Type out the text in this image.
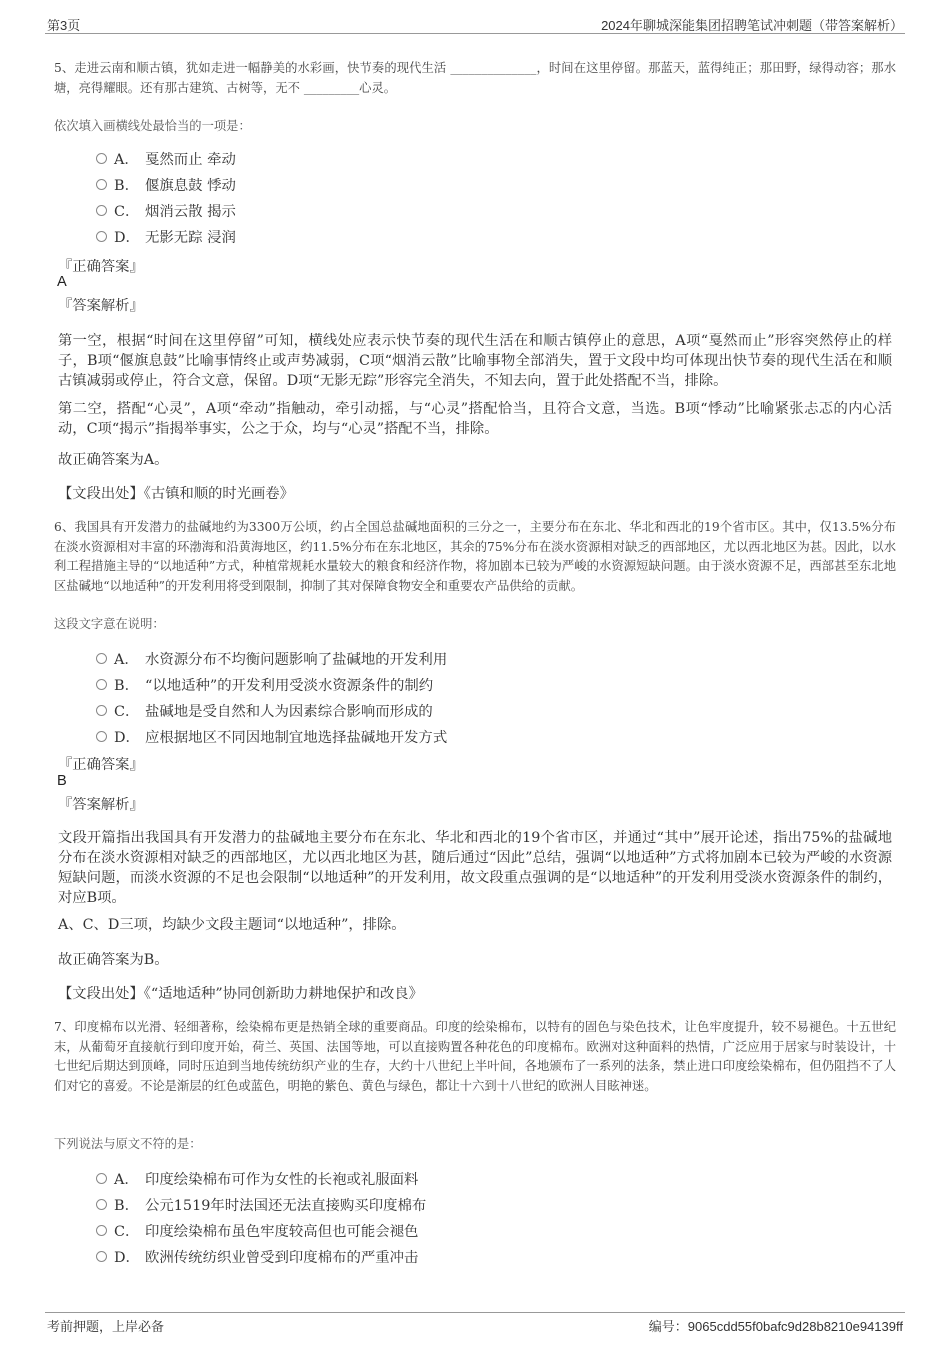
第3页	2024年聊城深能集团招聘笔试冲刺题（带答案解析）
5、走进云南和顺古镇，犹如走进一幅静美的水彩画，快节奏的现代生活 ______________，时间在这里停留。那蓝天，蓝得纯正；那田野，绿得动容；那水塘，亮得耀眼。还有那古建筑、古树等，无不 _________心灵。
依次填入画横线处最恰当的一项是：
A． 戛然而止 牵动
B． 偃旗息鼓 悸动
C． 烟消云散 揭示
D． 无影无踪 浸润
『正确答案』
A
『答案解析』
第一空，根据“时间在这里停留”可知，横线处应表示快节奏的现代生活在和顺古镇停止的意思，A项“戛然而止”形容突然停止的样子，B项“偃旗息鼓”比喻事情终止或声势减弱，C项“烟消云散”比喻事物全部消失，置于文段中均可体现出快节奏的现代生活在和顺古镇减弱或停止，符合文意，保留。D项“无影无踪”形容完全消失，不知去向，置于此处搭配不当，排除。
第二空，搭配“心灵”，A项“牵动”指触动，牵引动摇，与“心灵”搭配恰当，且符合文意，当选。B项“悸动”比喻紧张忐忑的内心活动，C项“揭示”指揭举事实，公之于众，均与“心灵”搭配不当，排除。
故正确答案为A。
【文段出处】《古镇和顺的时光画卷》
6、我国具有开发潜力的盐碱地约为3300万公顷，约占全国总盐碱地面积的三分之一，主要分布在东北、华北和西北的19个省市区。其中，仅13.5%分布在淡水资源相对丰富的环渤海和沿黄海地区，约11.5%分布在东北地区，其余的75%分布在淡水资源相对缺乏的西部地区，尤以西北地区为甚。因此，以水利工程措施主导的“以地适种”方式，种植常规耗水量较大的粮食和经济作物，将加剧本已较为严峻的水资源短缺问题。由于淡水资源不足，西部甚至东北地区盐碱地“以地适种”的开发利用将受到限制，抑制了其对保障食物安全和重要农产品供给的贡献。
这段文字意在说明：
A． 水资源分布不均衡问题影响了盐碱地的开发利用
B． “以地适种”的开发利用受淡水资源条件的制约
C． 盐碱地是受自然和人为因素综合影响而形成的
D． 应根据地区不同因地制宜地选择盐碱地开发方式
『正确答案』
B
『答案解析』
文段开篇指出我国具有开发潜力的盐碱地主要分布在东北、华北和西北的19个省市区，并通过“其中”展开论述，指出75%的盐碱地分布在淡水资源相对缺乏的西部地区，尤以西北地区为甚，随后通过“因此”总结，强调“以地适种”方式将加剧本已较为严峻的水资源短缺问题，而淡水资源的不足也会限制“以地适种”的开发利用，故文段重点强调的是“以地适种”的开发利用受淡水资源条件的制约，对应B项。
A、C、D三项，均缺少文段主题词“以地适种”，排除。
故正确答案为B。
【文段出处】《“适地适种”协同创新助力耕地保护和改良》
7、印度棉布以光滑、轻细著称，绘染棉布更是热销全球的重要商品。印度的绘染棉布，以特有的固色与染色技术，让色牢度提升，较不易褪色。十五世纪末，从葡萄牙直接航行到印度开始，荷兰、英国、法国等地，可以直接购置各种花色的印度棉布。欧洲对这种面料的热情，广泛应用于居家与时装设计，十七世纪后期达到顶峰，同时压迫到当地传统纺织产业的生存，大约十八世纪上半叶间，各地颁布了一系列的法条，禁止进口印度绘染棉布，但仍阻挡不了人们对它的喜爱。不论是渐层的红色或蓝色，明艳的紫色、黄色与绿色，都让十六到十八世纪的欧洲人目眩神迷。
下列说法与原文不符的是：
A． 印度绘染棉布可作为女性的长袍或礼服面料
B． 公元1519年时法国还无法直接购买印度棉布
C． 印度绘染棉布虽色牢度较高但也可能会褪色
D． 欧洲传统纺织业曾受到印度棉布的严重冲击
考前押题，上岸必备	编号：9065cdd55f0bafc9d28b8210e94139ff
